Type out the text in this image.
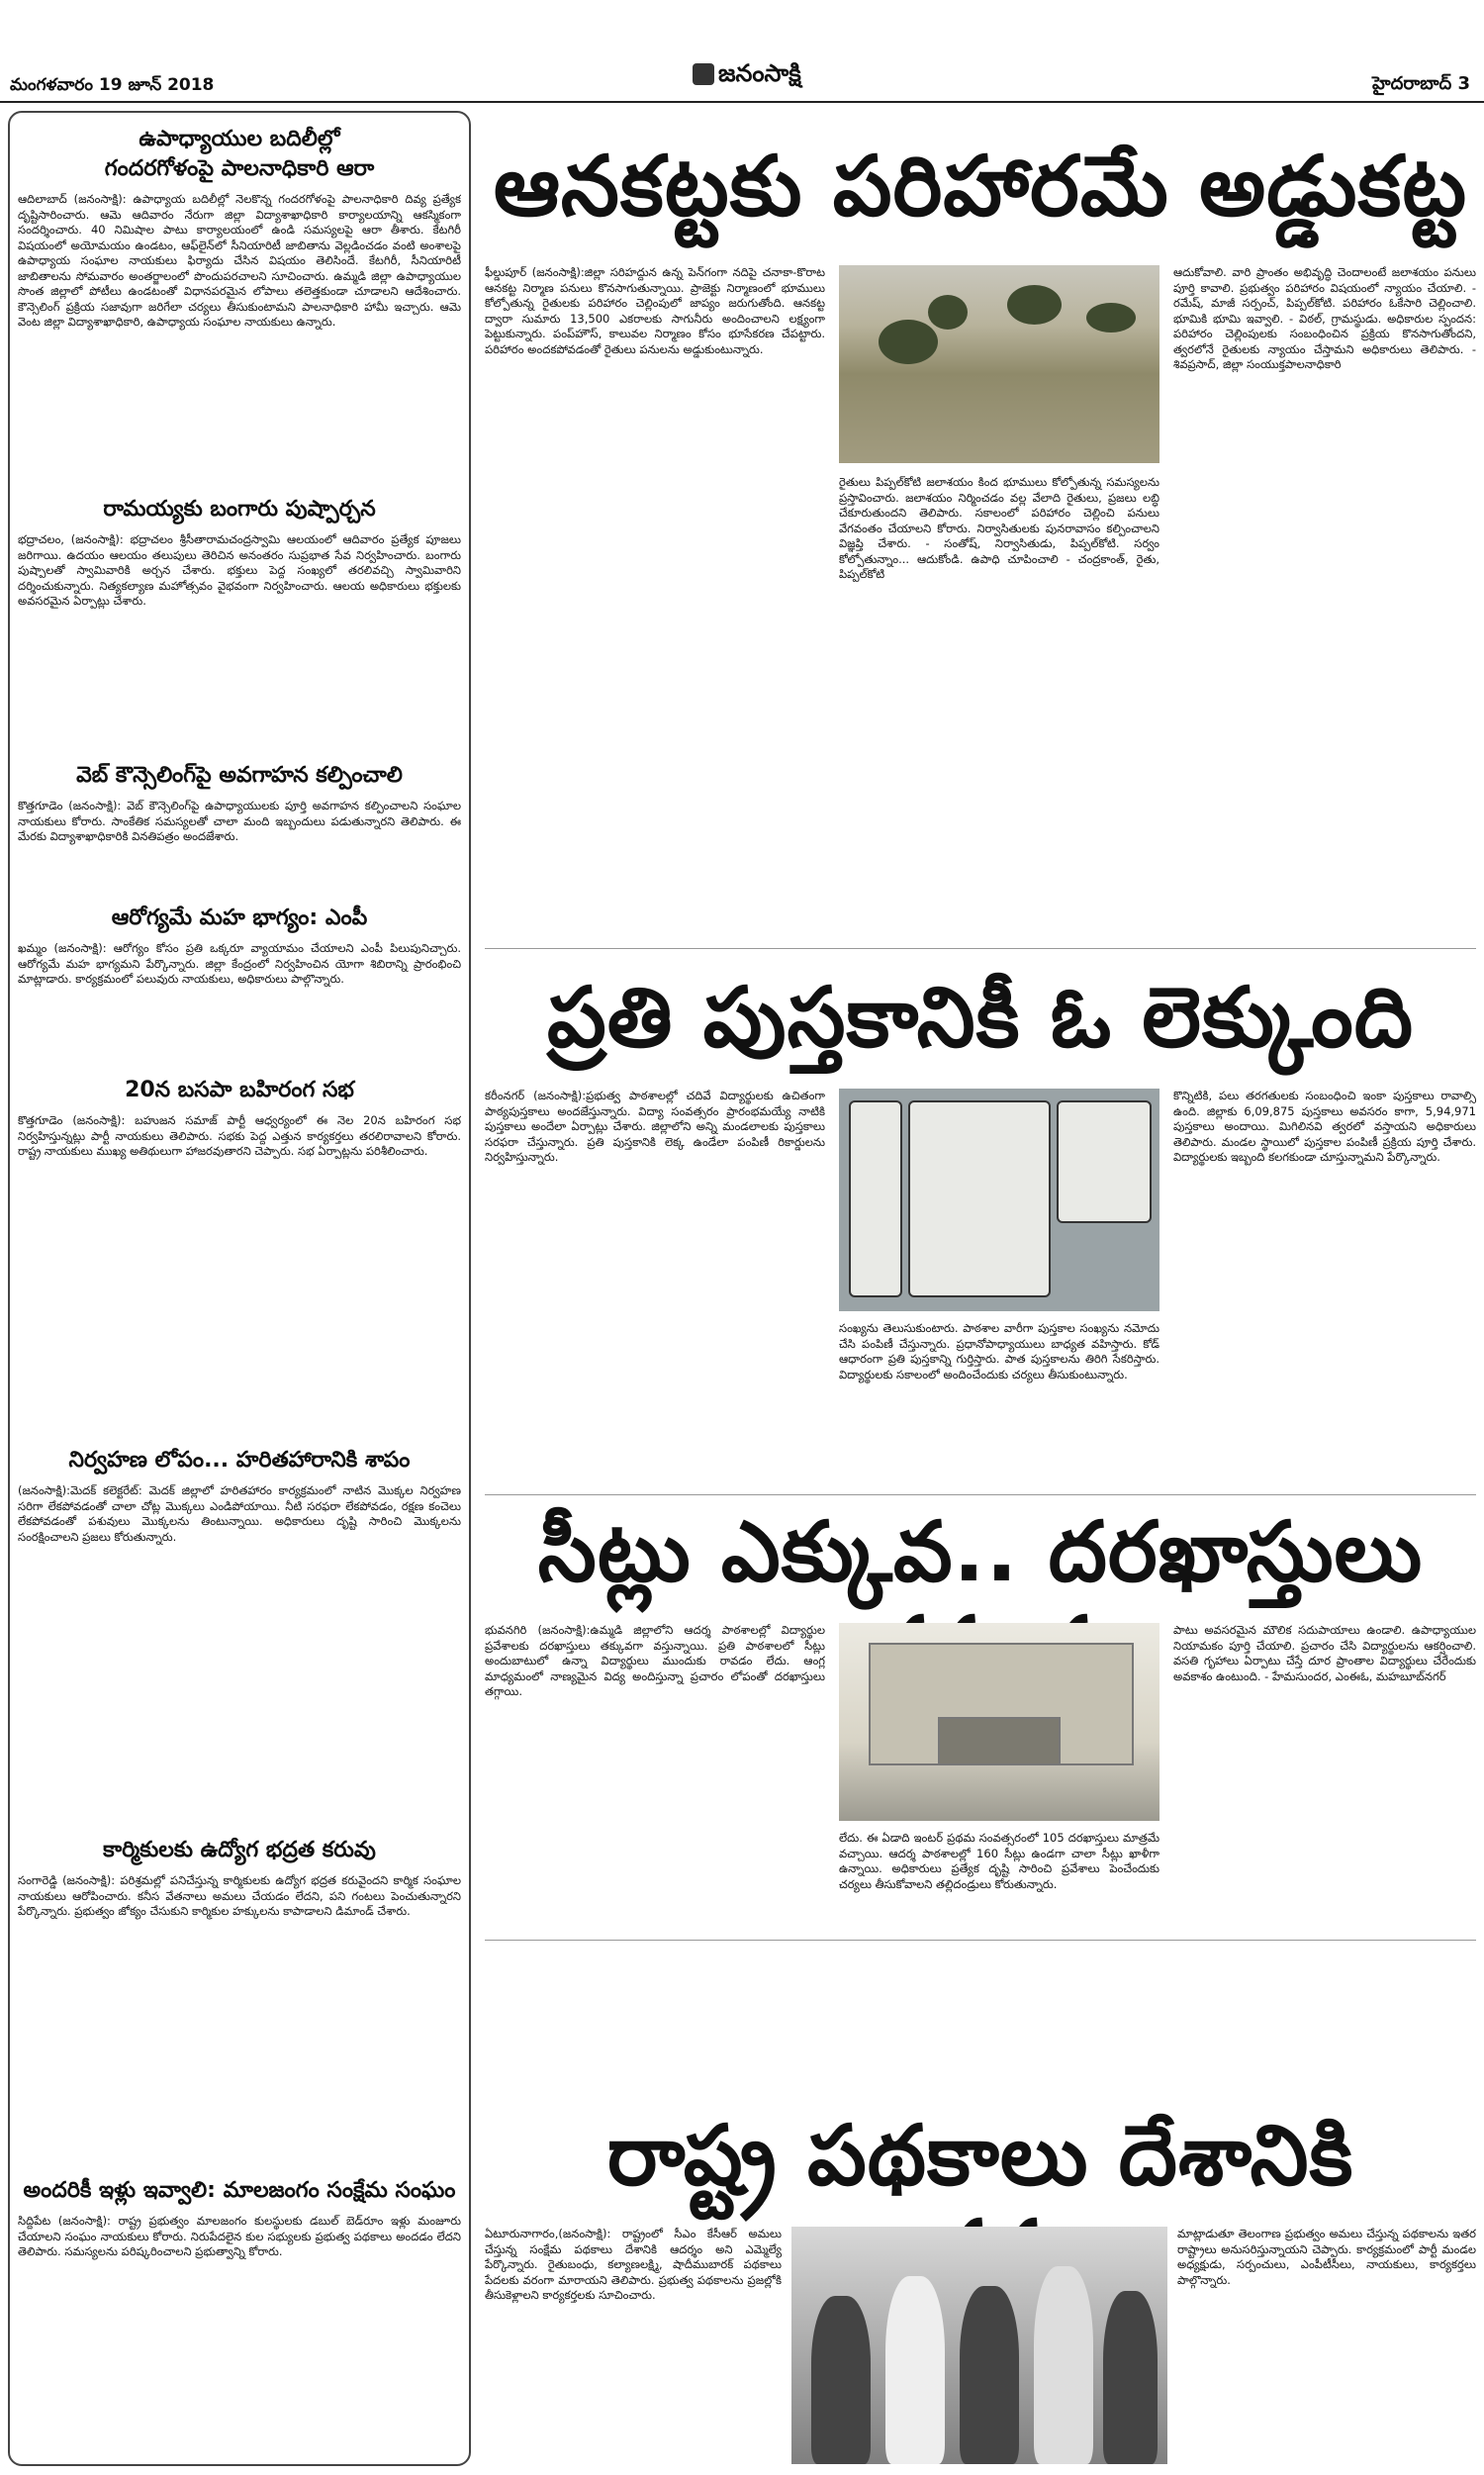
మంగళవారం 19 జూన్ 2018	జనంసాక్షి	హైదరాబాద్ 3
ఉపాధ్యాయుల బదిలీల్లో
గందరగోళంపై పాలనాధికారి ఆరా

ఆదిలాబాద్‌ (జనంసాక్షి): ఉపాధ్యాయ బదిలీల్లో నెలకొన్న గందరగోళంపై పాలనాధికారి దివ్య ప్రత్యేక దృష్టిసారించారు. ఆమె ఆదివారం నేరుగా జిల్లా విద్యాశాఖాధికారి కార్యాలయాన్ని ఆకస్మికంగా సందర్శించారు. 40 నిమిషాల పాటు కార్యాలయంలో ఉండి సమస్యలపై ఆరా తీశారు. కేటగిరీ విషయంలో అయోమయం ఉండటం, ఆఫ్‌లైన్‌లో సీనియారిటీ జాబితాను వెల్లడించడం వంటి అంశాలపై ఉపాధ్యాయ సంఘాల నాయకులు ఫిర్యాదు చేసిన విషయం తెలిసిందే. కేటగిరీ, సీనియారిటీ జాబితాలను సోమవారం అంతర్జాలంలో పొందుపరచాలని సూచించారు. ఉమ్మడి జిల్లా ఉపాధ్యాయుల సొంత జిల్లాలో పోటీలు ఉండటంతో విధానపరమైన లోపాలు తలెత్తకుండా చూడాలని ఆదేశించారు. కౌన్సెలింగ్ ప్రక్రియ సజావుగా జరిగేలా చర్యలు తీసుకుంటామని పాలనాధికారి హామీ ఇచ్చారు. ఆమె వెంట జిల్లా విద్యాశాఖాధికారి, ఉపాధ్యాయ సంఘాల నాయకులు ఉన్నారు.

రామయ్యకు బంగారు పుష్పార్చన

భద్రాచలం, (జనంసాక్షి): భద్రాచలం శ్రీసీతారామచంద్రస్వామి ఆలయంలో ఆదివారం ప్రత్యేక పూజలు జరిగాయి. ఉదయం ఆలయం తలుపులు తెరిచిన అనంతరం సుప్రభాత సేవ నిర్వహించారు. బంగారు పుష్పాలతో స్వామివారికి అర్చన చేశారు. భక్తులు పెద్ద సంఖ్యలో తరలివచ్చి స్వామివారిని దర్శించుకున్నారు. నిత్యకల్యాణ మహోత్సవం వైభవంగా నిర్వహించారు. ఆలయ అధికారులు భక్తులకు అవసరమైన ఏర్పాట్లు చేశారు.

వెబ్ కౌన్సెలింగ్‌పై అవగాహన కల్పించాలి

కొత్తగూడెం (జనంసాక్షి): వెబ్ కౌన్సెలింగ్‌పై ఉపాధ్యాయులకు పూర్తి అవగాహన కల్పించాలని సంఘాల నాయకులు కోరారు. సాంకేతిక సమస్యలతో చాలా మంది ఇబ్బందులు పడుతున్నారని తెలిపారు. ఈ మేరకు విద్యాశాఖాధికారికి వినతిపత్రం అందజేశారు.

ఆరోగ్యమే మహ భాగ్యం: ఎంపీ

ఖమ్మం (జనంసాక్షి): ఆరోగ్యం కోసం ప్రతి ఒక్కరూ వ్యాయామం చేయాలని ఎంపీ పిలుపునిచ్చారు. ఆరోగ్యమే మహ భాగ్యమని పేర్కొన్నారు. జిల్లా కేంద్రంలో నిర్వహించిన యోగా శిబిరాన్ని ప్రారంభించి మాట్లాడారు. కార్యక్రమంలో పలువురు నాయకులు, అధికారులు పాల్గొన్నారు.

20న బసపా బహిరంగ సభ

కొత్తగూడెం (జనంసాక్షి): బహుజన సమాజ్ పార్టీ ఆధ్వర్యంలో ఈ నెల 20న బహిరంగ సభ నిర్వహిస్తున్నట్లు పార్టీ నాయకులు తెలిపారు. సభకు పెద్ద ఎత్తున కార్యకర్తలు తరలిరావాలని కోరారు. రాష్ట్ర నాయకులు ముఖ్య అతిథులుగా హాజరవుతారని చెప్పారు. సభ ఏర్పాట్లను పరిశీలించారు.

నిర్వహణ లోపం... హరితహారానికి శాపం

(జనంసాక్షి):మెదక్ కలెక్టరేట్: మెదక్ జిల్లాలో హరితహారం కార్యక్రమంలో నాటిన మొక్కల నిర్వహణ సరిగా లేకపోవడంతో చాలా చోట్ల మొక్కలు ఎండిపోయాయి. నీటి సరఫరా లేకపోవడం, రక్షణ కంచెలు లేకపోవడంతో పశువులు మొక్కలను తింటున్నాయి. అధికారులు దృష్టి సారించి మొక్కలను సంరక్షించాలని ప్రజలు కోరుతున్నారు.

కార్మికులకు ఉద్యోగ భద్రత కరువు

సంగారెడ్డి (జనంసాక్షి): పరిశ్రమల్లో పనిచేస్తున్న కార్మికులకు ఉద్యోగ భద్రత కరువైందని కార్మిక సంఘాల నాయకులు ఆరోపించారు. కనీస వేతనాలు అమలు చేయడం లేదని, పని గంటలు పెంచుతున్నారని పేర్కొన్నారు. ప్రభుత్వం జోక్యం చేసుకుని కార్మికుల హక్కులను కాపాడాలని డిమాండ్ చేశారు.

అందరికీ ఇళ్లు ఇవ్వాలి: మాలజంగం సంక్షేమ సంఘం

సిద్దిపేట (జనంసాక్షి): రాష్ట్ర ప్రభుత్వం మాలజంగం కులస్థులకు డబుల్ బెడ్‌రూం ఇళ్లు మంజూరు చేయాలని సంఘం నాయకులు కోరారు. నిరుపేదలైన కుల సభ్యులకు ప్రభుత్వ పథకాలు అందడం లేదని తెలిపారు. సమస్యలను పరిష్కరించాలని ప్రభుత్వాన్ని కోరారు.

ఆనకట్టకు పరిహారమే అడ్డుకట్ట
ఫీల్డుపూర్‌ (జనంసాక్షి):జిల్లా సరిహద్దున ఉన్న పెన్‌గంగా నదిపై చనాకా-కొరాట ఆనకట్ట నిర్మాణ పనులు కొనసాగుతున్నాయి. ప్రాజెక్టు నిర్మాణంలో భూములు కోల్పోతున్న రైతులకు పరిహారం చెల్లింపులో జాప్యం జరుగుతోంది. ఆనకట్ట ద్వారా సుమారు 13,500 ఎకరాలకు సాగునీరు అందించాలని లక్ష్యంగా పెట్టుకున్నారు. పంప్‌హౌస్, కాలువల నిర్మాణం కోసం భూసేకరణ చేపట్టారు. పరిహారం అందకపోవడంతో రైతులు పనులను అడ్డుకుంటున్నారు.
రైతులు పిప్పల్‌కోటి జలాశయం కింద భూములు కోల్పోతున్న సమస్యలను ప్రస్తావించారు. జలాశయం నిర్మించడం వల్ల వేలాది రైతులు, ప్రజలు లబ్ధి చేకూరుతుందని తెలిపారు. సకాలంలో పరిహారం చెల్లించి పనులు వేగవంతం చేయాలని కోరారు. నిర్వాసితులకు పునరావాసం కల్పించాలని విజ్ఞప్తి చేశారు. - సంతోష్, నిర్వాసితుడు, పిప్పల్‌కోటి. సర్వం కోల్పోతున్నాం... ఆదుకోండి. ఉపాధి చూపించాలి - చంద్రకాంత్, రైతు, పిప్పల్‌కోటి
ఆదుకోవాలి. వారి ప్రాంతం అభివృద్ధి చెందాలంటే జలాశయం పనులు పూర్తి కావాలి. ప్రభుత్వం పరిహారం విషయంలో న్యాయం చేయాలి. - రమేష్, మాజీ సర్పంచ్, పిప్పల్‌కోటి. పరిహారం ఓకేసారి చెల్లించాలి. భూమికి భూమి ఇవ్వాలి. - విఠల్, గ్రామస్థుడు. అధికారుల స్పందన: పరిహారం చెల్లింపులకు సంబంధించిన ప్రక్రియ కొనసాగుతోందని, త్వరలోనే రైతులకు న్యాయం చేస్తామని అధికారులు తెలిపారు. - శివప్రసాద్, జిల్లా సంయుక్తపాలనాధికారి
ప్రతి పుస్తకానికీ ఓ లెక్కుంది
కరీంనగర్‌ (జనంసాక్షి):ప్రభుత్వ పాఠశాలల్లో చదివే విద్యార్థులకు ఉచితంగా పాఠ్యపుస్తకాలు అందజేస్తున్నారు. విద్యా సంవత్సరం ప్రారంభమయ్యే నాటికి పుస్తకాలు అందేలా ఏర్పాట్లు చేశారు. జిల్లాలోని అన్ని మండలాలకు పుస్తకాలు సరఫరా చేస్తున్నారు. ప్రతి పుస్తకానికి లెక్క ఉండేలా పంపిణీ రికార్డులను నిర్వహిస్తున్నారు.
సంఖ్యను తెలుసుకుంటారు. పాఠశాల వారీగా పుస్తకాల సంఖ్యను నమోదు చేసి పంపిణీ చేస్తున్నారు. ప్రధానోపాధ్యాయులు బాధ్యత వహిస్తారు. కోడ్ ఆధారంగా ప్రతి పుస్తకాన్ని గుర్తిస్తారు. పాత పుస్తకాలను తిరిగి సేకరిస్తారు. విద్యార్థులకు సకాలంలో అందించేందుకు చర్యలు తీసుకుంటున్నారు.
కొన్నిటికి, పలు తరగతులకు సంబంధించి ఇంకా పుస్తకాలు రావాల్సి ఉంది. జిల్లాకు 6,09,875 పుస్తకాలు అవసరం కాగా, 5,94,971 పుస్తకాలు అందాయి. మిగిలినవి త్వరలో వస్తాయని అధికారులు తెలిపారు. మండల స్థాయిలో పుస్తకాల పంపిణీ ప్రక్రియ పూర్తి చేశారు. విద్యార్థులకు ఇబ్బంది కలగకుండా చూస్తున్నామని పేర్కొన్నారు.
సీట్లు ఎక్కువ.. దరఖాస్తులు
భువనగిరి (జనంసాక్షి):ఉమ్మడి జిల్లాలోని ఆదర్శ పాఠశాలల్లో విద్యార్థుల ప్రవేశాలకు దరఖాస్తులు తక్కువగా వస్తున్నాయి. ప్రతి పాఠశాలలో సీట్లు అందుబాటులో ఉన్నా విద్యార్థులు ముందుకు రావడం లేదు. ఆంగ్ల మాధ్యమంలో నాణ్యమైన విద్య అందిస్తున్నా ప్రచారం లోపంతో దరఖాస్తులు తగ్గాయి.
లేదు. ఈ ఏడాది ఇంటర్ ప్రథమ సంవత్సరంలో 105 దరఖాస్తులు మాత్రమే వచ్చాయి. ఆదర్శ పాఠశాలల్లో 160 సీట్లు ఉండగా చాలా సీట్లు ఖాళీగా ఉన్నాయి. అధికారులు ప్రత్యేక దృష్టి సారించి ప్రవేశాలు పెంచేందుకు చర్యలు తీసుకోవాలని తల్లిదండ్రులు కోరుతున్నారు.
పాటు అవసరమైన మౌలిక సదుపాయాలు ఉండాలి. ఉపాధ్యాయుల నియామకం పూర్తి చేయాలి. ప్రచారం చేసి విద్యార్థులను ఆకర్షించాలి. వసతి గృహాలు ఏర్పాటు చేస్తే దూర ప్రాంతాల విద్యార్థులు చేరేందుకు అవకాశం ఉంటుంది. - హేమసుందర, ఎంఈఓ, మహబూబ్‌నగర్
రాష్ట్ర పథకాలు దేశానికి
ఏటూరునాగారం,(జనంసాక్షి): రాష్ట్రంలో సీఎం కేసీఆర్ అమలు చేస్తున్న సంక్షేమ పథకాలు దేశానికి ఆదర్శం అని ఎమ్మెల్యే పేర్కొన్నారు. రైతుబంధు, కల్యాణలక్ష్మి, షాదీముబారక్ పథకాలు పేదలకు వరంగా మారాయని తెలిపారు. ప్రభుత్వ పథకాలను ప్రజల్లోకి తీసుకెళ్లాలని కార్యకర్తలకు సూచించారు.
మాట్లాడుతూ తెలంగాణ ప్రభుత్వం అమలు చేస్తున్న పథకాలను ఇతర రాష్ట్రాలు అనుసరిస్తున్నాయని చెప్పారు. కార్యక్రమంలో పార్టీ మండల అధ్యక్షుడు, సర్పంచులు, ఎంపీటీసీలు, నాయకులు, కార్యకర్తలు పాల్గొన్నారు.
